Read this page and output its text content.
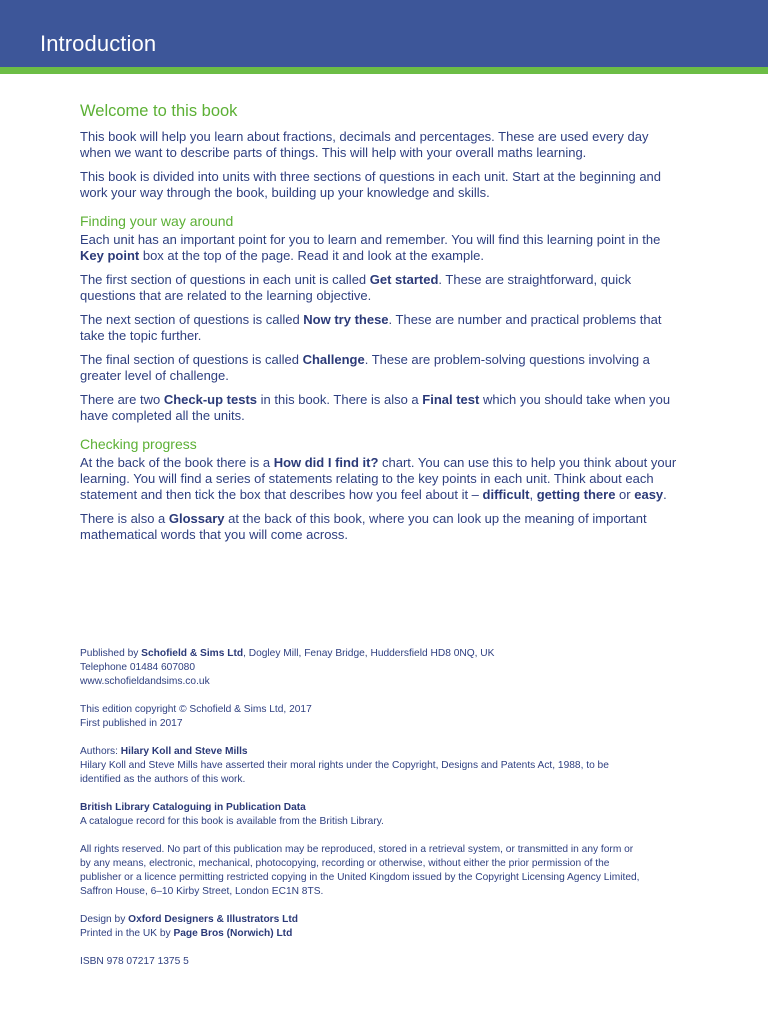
Introduction
Welcome to this book

This book will help you learn about fractions, decimals and percentages. These are used every day when we want to describe parts of things. This will help with your overall maths learning.

This book is divided into units with three sections of questions in each unit. Start at the beginning and work your way through the book, building up your knowledge and skills.

Finding your way around

Each unit has an important point for you to learn and remember. You will find this learning point in the Key point box at the top of the page. Read it and look at the example.

The first section of questions in each unit is called Get started. These are straightforward, quick questions that are related to the learning objective.

The next section of questions is called Now try these. These are number and practical problems that take the topic further.

The final section of questions is called Challenge. These are problem-solving questions involving a greater level of challenge.

There are two Check-up tests in this book. There is also a Final test which you should take when you have completed all the units.

Checking progress

At the back of the book there is a How did I find it? chart. You can use this to help you think about your learning. You will find a series of statements relating to the key points in each unit. Think about each statement and then tick the box that describes how you feel about it – difficult, getting there or easy.

There is also a Glossary at the back of this book, where you can look up the meaning of important mathematical words that you will come across.

Published by Schofield & Sims Ltd, Dogley Mill, Fenay Bridge, Huddersfield HD8 0NQ, UK
Telephone 01484 607080
www.schofieldandsims.co.uk

This edition copyright © Schofield & Sims Ltd, 2017
First published in 2017

Authors: Hilary Koll and Steve Mills
Hilary Koll and Steve Mills have asserted their moral rights under the Copyright, Designs and Patents Act, 1988, to be identified as the authors of this work.

British Library Cataloguing in Publication Data
A catalogue record for this book is available from the British Library.

All rights reserved. No part of this publication may be reproduced, stored in a retrieval system, or transmitted in any form or by any means, electronic, mechanical, photocopying, recording or otherwise, without either the prior permission of the publisher or a licence permitting restricted copying in the United Kingdom issued by the Copyright Licensing Agency Limited, Saffron House, 6–10 Kirby Street, London EC1N 8TS.

Design by Oxford Designers & Illustrators Ltd
Printed in the UK by Page Bros (Norwich) Ltd

ISBN 978 07217 1375 5
